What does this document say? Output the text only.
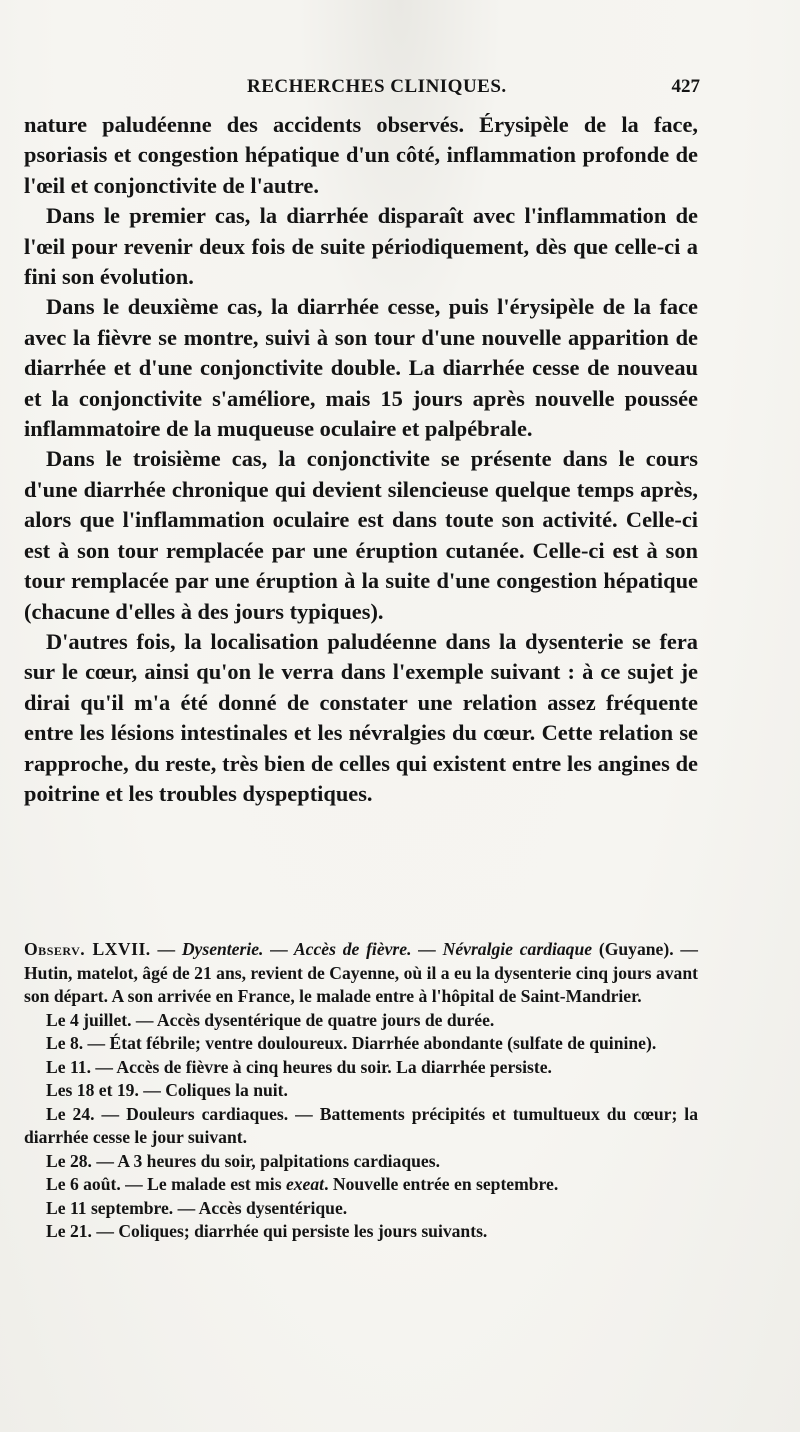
RECHERCHES CLINIQUES.	427

nature paludéenne des accidents observés. Érysipèle de la face, psoriasis et congestion hépatique d'un côté, inflammation profonde de l'œil et conjonctivite de l'autre.

Dans le premier cas, la diarrhée disparaît avec l'inflammation de l'œil pour revenir deux fois de suite périodiquement, dès que celle-ci a fini son évolution.

Dans le deuxième cas, la diarrhée cesse, puis l'érysipèle de la face avec la fièvre se montre, suivi à son tour d'une nouvelle apparition de diarrhée et d'une conjonctivite double. La diarrhée cesse de nouveau et la conjonctivite s'améliore, mais 15 jours après nouvelle poussée inflammatoire de la muqueuse oculaire et palpébrale.

Dans le troisième cas, la conjonctivite se présente dans le cours d'une diarrhée chronique qui devient silencieuse quelque temps après, alors que l'inflammation oculaire est dans toute son activité. Celle-ci est à son tour remplacée par une éruption cutanée. Celle-ci est à son tour remplacée par une éruption à la suite d'une congestion hépatique (chacune d'elles à des jours typiques).

D'autres fois, la localisation paludéenne dans la dysenterie se fera sur le cœur, ainsi qu'on le verra dans l'exemple suivant : à ce sujet je dirai qu'il m'a été donné de constater une relation assez fréquente entre les lésions intestinales et les névralgies du cœur. Cette relation se rapproche, du reste, très bien de celles qui existent entre les angines de poitrine et les troubles dyspeptiques.

Observ. LXVII. — Dysenterie. — Accès de fièvre. — Névralgie cardiaque (Guyane). — Hutin, matelot, âgé de 21 ans, revient de Cayenne, où il a eu la dysenterie cinq jours avant son départ. A son arrivée en France, le malade entre à l'hôpital de Saint-Mandrier.

Le 4 juillet. — Accès dysentérique de quatre jours de durée.

Le 8. — État fébrile; ventre douloureux. Diarrhée abondante (sulfate de quinine).

Le 11. — Accès de fièvre à cinq heures du soir. La diarrhée persiste.

Les 18 et 19. — Coliques la nuit.

Le 24. — Douleurs cardiaques. — Battements précipités et tumultueux du cœur; la diarrhée cesse le jour suivant.

Le 28. — A 3 heures du soir, palpitations cardiaques.

Le 6 août. — Le malade est mis exeat. Nouvelle entrée en septembre.

Le 11 septembre. — Accès dysentérique.

Le 21. — Coliques; diarrhée qui persiste les jours suivants.
